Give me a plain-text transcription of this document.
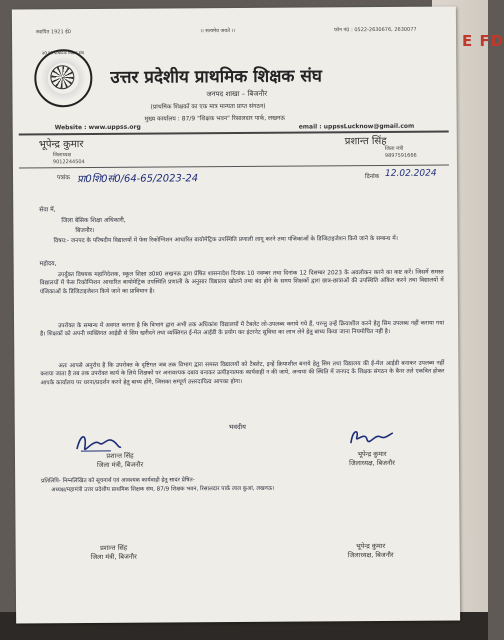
E FD
स्थापित 1921 ई0	।। सत्यमेव जयते ।।	फोन नं0 : 0522-2630676, 2630077
उ0 प्र0 प्राथमिक शिक्षक संघ
उत्तर प्रदेशीय प्राथमिक शिक्षक संघ
जनपद शाखा – बिजनौर
(प्राथमिक शिक्षकों का एक मात्र मान्यता प्राप्त संगठन)
मुख्य कार्यालय : 87/9 "शिक्षक भवन" रिसालदार पार्क, लखनऊ
Website : www.uppss.org	email : uppssLucknow@gmail.com
भूपेन्द्र कुमार
जिलाध्यक्ष
9012244504
प्रशान्त सिंह
जिला मंत्री
9897591666
पत्रांक प्रा0शि0सं0/64-65/2023-24	दिनांक 12.02.2024
सेवा में,
जिला बेसिक शिक्षा अधिकारी,
बिजनौर।
विषय:- जनपद के परिषदीय विद्यालयों में फेस रिकोग्निशन आधारित बायोमेट्रिक उपस्थिति प्रणाली लागू करने तथा पंजिकाओं के डिजिटाइजेशन किये जाने के सम्बन्ध में।
महोदय,
उपर्युक्त विषयक महानिदेशक, स्कूल शिक्षा उ0प्र0 लखनऊ द्वारा प्रेषित शासनादेश दिनांक 10 नवम्बर तथा दिनांक 12 दिसम्बर 2023 के अवलोकन करने का कष्ट करें। जिसमें समस्त विद्यालयों में फेस रिकोग्निशन आधारित बायोमेट्रिक उपस्थिति प्रणाली के अनुसार विद्यालय खोलने तथा बंद होने के समय शिक्षकों द्वारा छात्र-छात्राओं की उपस्थिति अंकित करने तथा विद्यालयों में पंजिकाओं के डिजिटाइजेशन किये जाने का प्राविधान है।
उपरोक्त के सम्बन्ध में अवगत कराना है कि विभाग द्वारा अभी तक अधिकांश विद्यालयों में टैबलेट लो-उपलब्ध कराये गये हैं, परन्तु उन्हें क्रियाशील करने हेतु सिम उपलब्ध नहीं कराया गया है। शिक्षकों को अपनी व्यक्तिगत आईडी से सिम खरीदने तथा व्यक्तिगत ई-मेल आईडी के प्रयोग कर इंटरनेट सुविधा का लाभ लेने हेतु बाध्य किया जाना नियमोचित नहीं है।
अतः आपसे अनुरोध है कि उपरोक्त के दृष्टिगत जब तक विभाग द्वारा समस्त विद्यालयों को टैबलेट, इन्हें क्रियाशील बनाये हेतु सिम तथा विद्यालय की ई-मेल आईडी बनाकर उपलब्ध नहीं कराया जाता है तब तक उपरोक्त कार्य के लिये शिक्षकों पर अनावश्यक दबाव बनाकर उत्पीड़नात्मक कार्यवाही न की जाये, अन्यथा की स्थिति में जनपद के शिक्षक संगठन के बैनर तले एकत्रित होकर आपके कार्यालय पर धरना/प्रदर्शन करने हेतु बाध्य होंगे, जिसका सम्पूर्ण उत्तरदायित्व आपका होगा।
भवदीय
प्रशान्त सिंह
जिला मंत्री, बिजनौर
भूपेन्द्र कुमार
जिलाध्यक्ष, बिजनौर
प्रतिलिपि- निम्नलिखित को सूचनार्थ एवं आवश्यक कार्यवाही हेतु सादर प्रेषित-
अध्यक्ष/महामंत्री उत्तर प्रदेशीय प्राथमिक शिक्षक संघ, 87/9 शिक्षक भवन, रिसालदार पार्क लाल कुआं, लखनऊ।
प्रशान्त सिंह
जिला मंत्री, बिजनौर
भूपेन्द्र कुमार
जिलाध्यक्ष, बिजनौर
